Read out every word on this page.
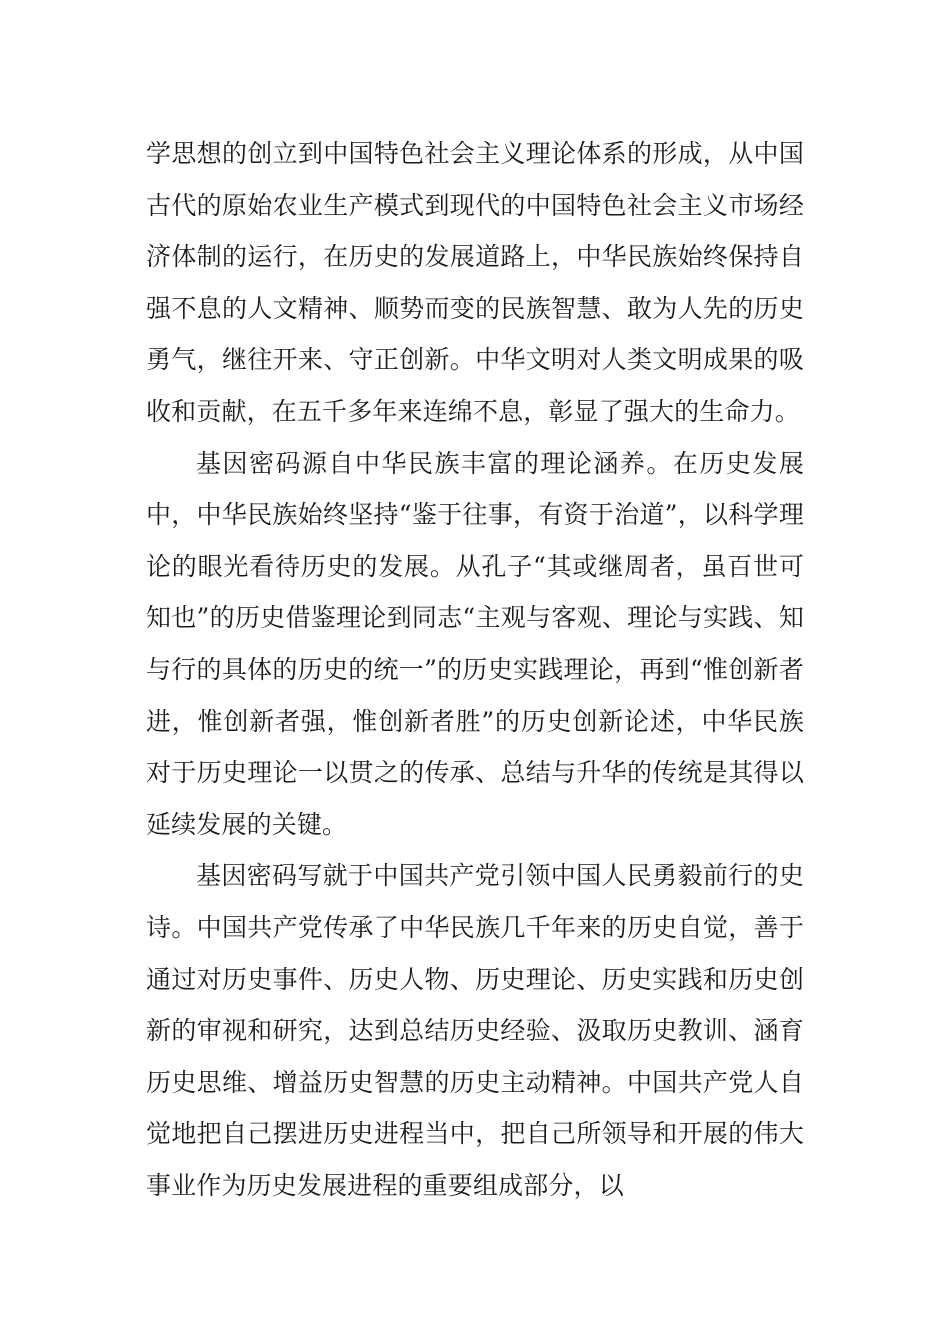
学思想的创立到中国特色社会主义理论体系的形成，从中国古代的原始农业生产模式到现代的中国特色社会主义市场经济体制的运行，在历史的发展道路上，中华民族始终保持自强不息的人文精神、顺势而变的民族智慧、敢为人先的历史勇气，继往开来、守正创新。中华文明对人类文明成果的吸收和贡献，在五千多年来连绵不息，彰显了强大的生命力。

基因密码源自中华民族丰富的理论涵养。在历史发展中，中华民族始终坚持“鉴于往事，有资于治道”，以科学理论的眼光看待历史的发展。从孔子“其或继周者，虽百世可知也”的历史借鉴理论到同志“主观与客观、理论与实践、知与行的具体的历史的统一”的历史实践理论，再到“惟创新者进，惟创新者强，惟创新者胜”的历史创新论述，中华民族对于历史理论一以贯之的传承、总结与升华的传统是其得以延续发展的关键。

基因密码写就于中国共产党引领中国人民勇毅前行的史诗。中国共产党传承了中华民族几千年来的历史自觉，善于通过对历史事件、历史人物、历史理论、历史实践和历史创新的审视和研究，达到总结历史经验、汲取历史教训、涵育历史思维、增益历史智慧的历史主动精神。中国共产党人自觉地把自己摆进历史进程当中，把自己所领导和开展的伟大事业作为历史发展进程的重要组成部分，以
